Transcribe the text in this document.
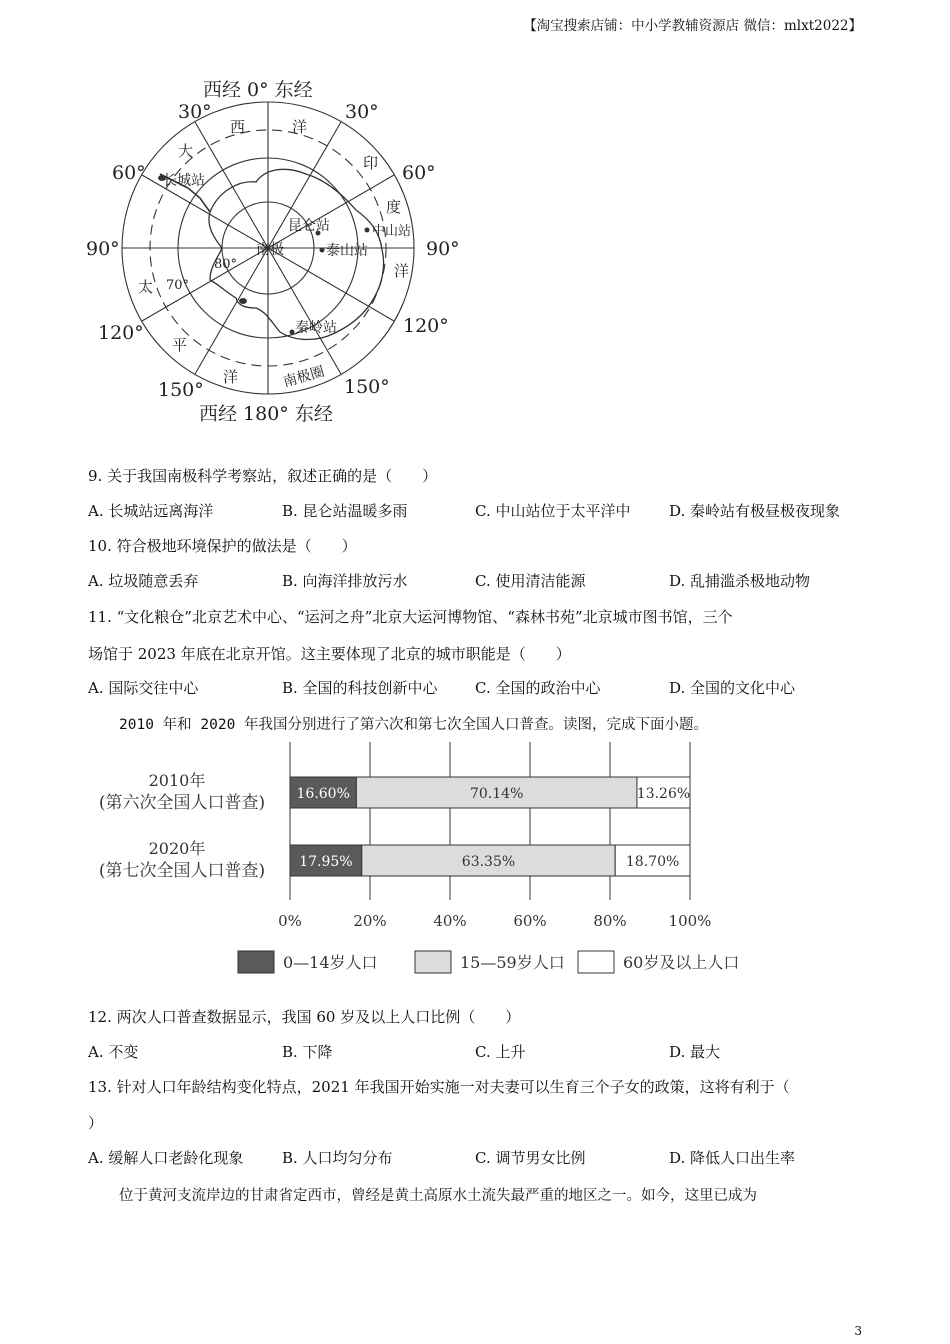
【淘宝搜索店铺：中小学教辅资源店 微信：mlxt2022】
西经 0° 东经
西经 180° 东经
30°
60°
90°
120°
150°
30°
60°
90°
120°
150°
西	洋
印
度
洋
大
太
平
洋
长城站
昆仑站	中山站
泰山站
秦岭站
南极
80°
70°
南极圈
9. 关于我国南极科学考察站，叙述正确的是（　　）
A. 长城站远离海洋	B. 昆仑站温暖多雨	C. 中山站位于太平洋中	D. 秦岭站有极昼极夜现象
10. 符合极地环境保护的做法是（　　）
A. 垃圾随意丢弃	B. 向海洋排放污水	C. 使用清洁能源	D. 乱捕滥杀极地动物
11. “文化粮仓”北京艺术中心、“运河之舟”北京大运河博物馆、“森林书苑”北京城市图书馆，三个
场馆于 2023 年底在北京开馆。这主要体现了北京的城市职能是（　　）
A. 国际交往中心	B. 全国的科技创新中心 C. 全国的政治中心	D. 全国的文化中心
2010 年和 2020 年我国分别进行了第六次和第七次全国人口普查。读图，完成下面小题。
16.60%	70.14%	13.26%
17.95%	63.35%	18.70%
2010年
(第六次全国人口普查)
2020年
(第七次全国人口普查)
0%	20%	40%	60%	80%	100%
0—14岁人口	15—59岁人口	60岁及以上人口
12. 两次人口普查数据显示，我国 60 岁及以上人口比例（　　）
A. 不变	B. 下降	C. 上升	D. 最大
13. 针对人口年龄结构变化特点，2021 年我国开始实施一对夫妻可以生育三个子女的政策，这将有利于（
）
A. 缓解人口老龄化现象	B. 人口均匀分布	C. 调节男女比例	D. 降低人口出生率
位于黄河支流岸边的甘肃省定西市，曾经是黄土高原水土流失最严重的地区之一。如今，这里已成为
3
